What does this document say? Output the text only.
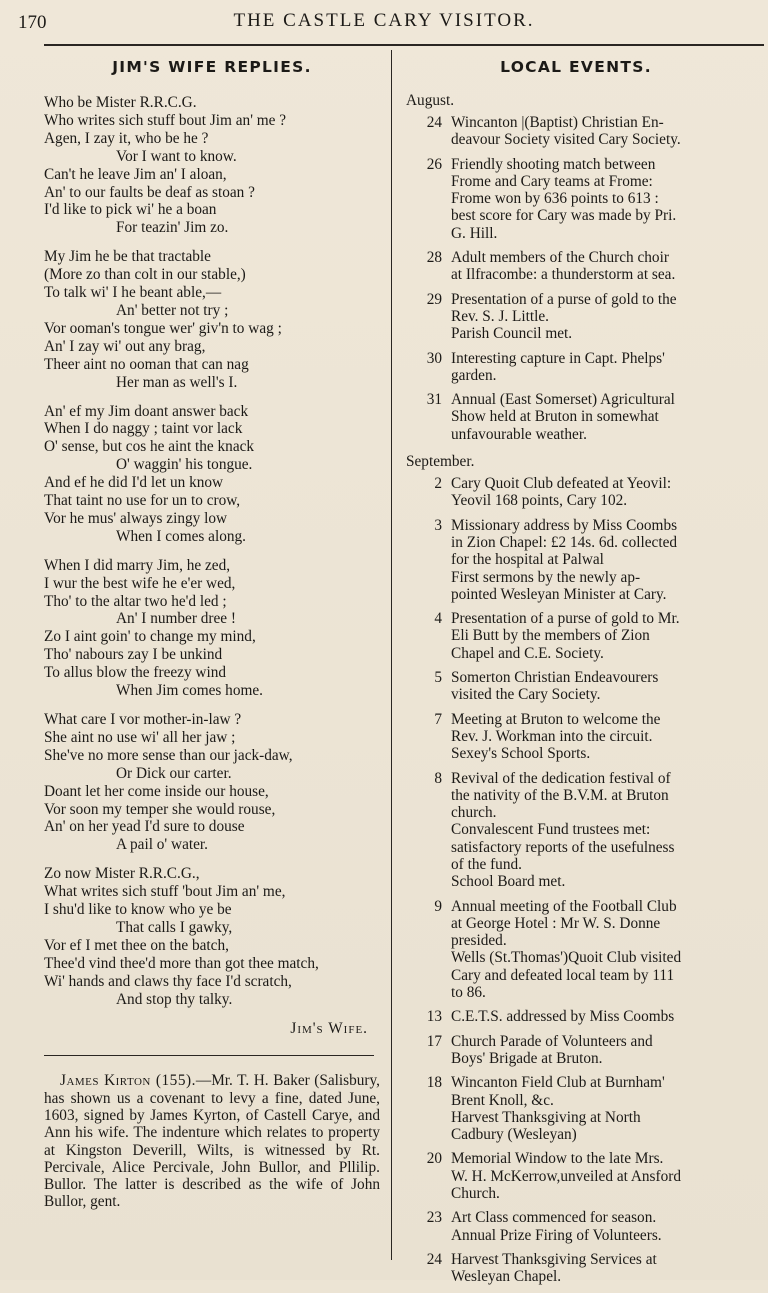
170	THE CASTLE CARY VISITOR.
JIM'S WIFE REPLIES.
Who be Mister R.R.C.G.
Who writes sich stuff bout Jim an' me ?
Agen, I zay it, who be he ?
Vor I want to know.
Can't he leave Jim an' I aloan,
An' to our faults be deaf as stoan ?
I'd like to pick wi' he a boan
For teazin' Jim zo.
My Jim he be that tractable
(More zo than colt in our stable,)
To talk wi' I he beant able,—
An' better not try ;
Vor ooman's tongue wer' giv'n to wag ;
An' I zay wi' out any brag,
Theer aint no ooman that can nag
Her man as well's I.
An' ef my Jim doant answer back
When I do naggy ; taint vor lack
O' sense, but cos he aint the knack
O' waggin' his tongue.
And ef he did I'd let un know
That taint no use for un to crow,
Vor he mus' always zingy low
When I comes along.
When I did marry Jim, he zed,
I wur the best wife he e'er wed,
Tho' to the altar two he'd led ;
An' I number dree !
Zo I aint goin' to change my mind,
Tho' nabours zay I be unkind
To allus blow the freezy wind
When Jim comes home.
What care I vor mother-in-law ?
She aint no use wi' all her jaw ;
She've no more sense than our jack-daw,
Or Dick our carter.
Doant let her come inside our house,
Vor soon my temper she would rouse,
An' on her yead I'd sure to douse
A pail o' water.
Zo now Mister R.R.C.G.,
What writes sich stuff 'bout Jim an' me,
I shu'd like to know who ye be
That calls I gawky,
Vor ef I met thee on the batch,
Thee'd vind thee'd more than got thee match,
Wi' hands and claws thy face I'd scratch,
And stop thy talky.
Jim's Wife.
James Kirton (155).—Mr. T. H. Baker (Salisbury, has shown us a covenant to levy a fine, dated June, 1603, signed by James Kyrton, of Castell Carye, and Ann his wife. The indenture which relates to property at Kingston Deverill, Wilts, is witnessed by Rt. Percivale, Alice Percivale, John Bullor, and Pllilip. Bullor. The latter is described as the wife of John Bullor, gent.
LOCAL EVENTS.
August.
24 Wincanton |(Baptist) Christian En-
deavour Society visited Cary Society.
26 Friendly shooting match between
Frome and Cary teams at Frome:
Frome won by 636 points to 613 :
best score for Cary was made by Pri.
G. Hill.
28 Adult members of the Church choir
at Ilfracombe: a thunderstorm at sea.
29 Presentation of a purse of gold to the
Rev. S. J. Little.
Parish Council met.
30 Interesting capture in Capt. Phelps'
garden.
31 Annual (East Somerset) Agricultural
Show held at Bruton in somewhat
unfavourable weather.
September.
2 Cary Quoit Club defeated at Yeovil:
Yeovil 168 points, Cary 102.
3 Missionary address by Miss Coombs
in Zion Chapel: £2 14s. 6d. collected
for the hospital at Palwal
First sermons by the newly ap-
pointed Wesleyan Minister at Cary.
4 Presentation of a purse of gold to Mr.
Eli Butt by the members of Zion
Chapel and C.E. Society.
5 Somerton Christian Endeavourers
visited the Cary Society.
7 Meeting at Bruton to welcome the
Rev. J. Workman into the circuit.
Sexey's School Sports.
8 Revival of the dedication festival of
the nativity of the B.V.M. at Bruton
church.
Convalescent Fund trustees met:
satisfactory reports of the usefulness
of the fund.
School Board met.
9 Annual meeting of the Football Club
at George Hotel : Mr W. S. Donne
presided.
Wells (St.Thomas')Quoit Club visited
Cary and defeated local team by 111
to 86.
13 C.E.T.S. addressed by Miss Coombs
17 Church Parade of Volunteers and
Boys' Brigade at Bruton.
18 Wincanton Field Club at Burnham'
Brent Knoll, &c.
Harvest Thanksgiving at North
Cadbury (Wesleyan)
20 Memorial Window to the late Mrs.
W. H. McKerrow,unveiled at Ansford
Church.
23 Art Class commenced for season.
Annual Prize Firing of Volunteers.
24 Harvest Thanksgiving Services at
Wesleyan Chapel.
